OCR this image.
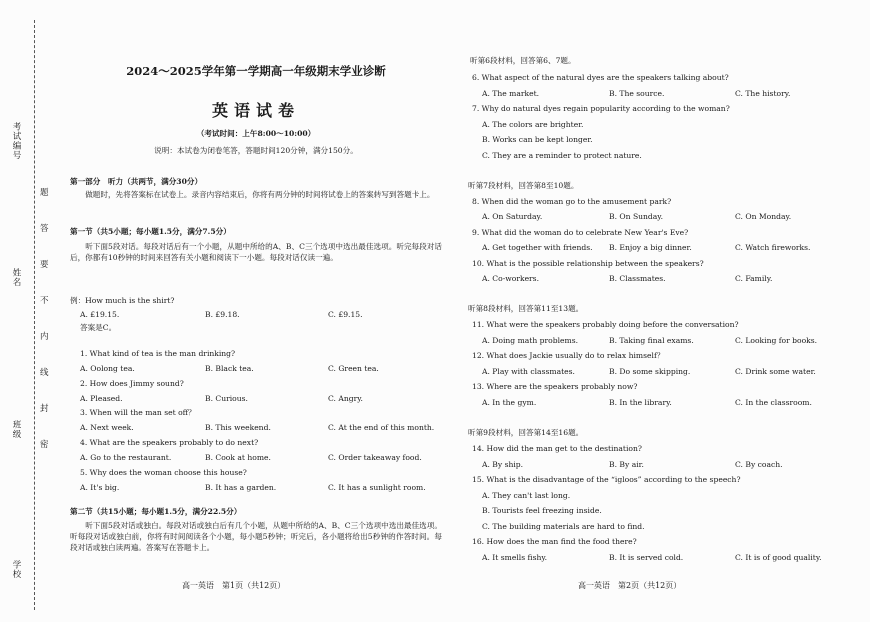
考试编号
姓名
班级
学校
题
答
要
不
内
线
封
密
2024～2025学年第一学期高一年级期末学业诊断
英语试卷
（考试时间：上午8:00～10:00）
说明：本试卷为闭卷笔答，答题时间120分钟，满分150分。
第一部分　听力（共两节，满分30分）
做题时，先将答案标在试卷上。录音内容结束后，你将有两分钟的时间将试卷上的答案转写到答题卡上。
第一节（共5小题；每小题1.5分，满分7.5分）
听下面5段对话。每段对话后有一个小题，从题中所给的A、B、C三个选项中选出最佳选项。听完每段对话后，你都有10秒钟的时间来回答有关小题和阅读下一小题。每段对话仅读一遍。
例：How much is the shirt?
A. £19.15.	B. £9.18.	C. £9.15.
答案是C。
1. What kind of tea is the man drinking?
A. Oolong tea.	B. Black tea.	C. Green tea.
2. How does Jimmy sound?
A. Pleased.	B. Curious.	C. Angry.
3. When will the man set off？
A. Next week.	B. This weekend.	C. At the end of this month.
4. What are the speakers probably to do next?
A. Go to the restaurant.	B. Cook at home.	C. Order takeaway food.
5. Why does the woman choose this house?
A. It's big.	B. It has a garden.	C. It has a sunlight room.
第二节（共15小题；每小题1.5分，满分22.5分）
听下面5段对话或独白。每段对话或独白后有几个小题，从题中所给的A、B、C三个选项中选出最佳选项。听每段对话或独白前，你将有时间阅读各个小题，每小题5秒钟；听完后，各小题将给出5秒钟的作答时间。每段对话或独白读两遍。答案写在答题卡上。
高一英语　第1页（共12页）
听第6段材料，回答第6、7题。
6. What aspect of the natural dyes are the speakers talking about?
A. The market.	B. The source.	C. The history.
7. Why do natural dyes regain popularity according to the woman?
A. The colors are brighter.
B. Works can be kept longer.
C. They are a reminder to protect nature.
听第7段材料，回答第8至10题。
8. When did the woman go to the amusement park?
A. On Saturday.	B. On Sunday.	C. On Monday.
9. What did the woman do to celebrate New Year's Eve?
A. Get together with friends. B. Enjoy a big dinner.	C. Watch fireworks.
10. What is the possible relationship between the speakers?
A. Co-workers.	B. Classmates.	C. Family.
听第8段材料，回答第11至13题。
11. What were the speakers probably doing before the conversation?
A. Doing math problems.	B. Taking final exams.	C. Looking for books.
12. What does Jackie usually do to relax himself？
A. Play with classmates.	B. Do some skipping.	C. Drink some water.
13. Where are the speakers probably now?
A. In the gym.	B. In the library.	C. In the classroom.
听第9段材料，回答第14至16题。
14. How did the man get to the destination?
A. By ship.	B. By air.	C. By coach.
15. What is the disadvantage of the “igloos” according to the speech?
A. They can't last long.
B. Tourists feel freezing inside.
C. The building materials are hard to find.
16. How does the man find the food there?
A. It smells fishy.	B. It is served cold.	C. It is of good quality.
高一英语　第2页（共12页）
